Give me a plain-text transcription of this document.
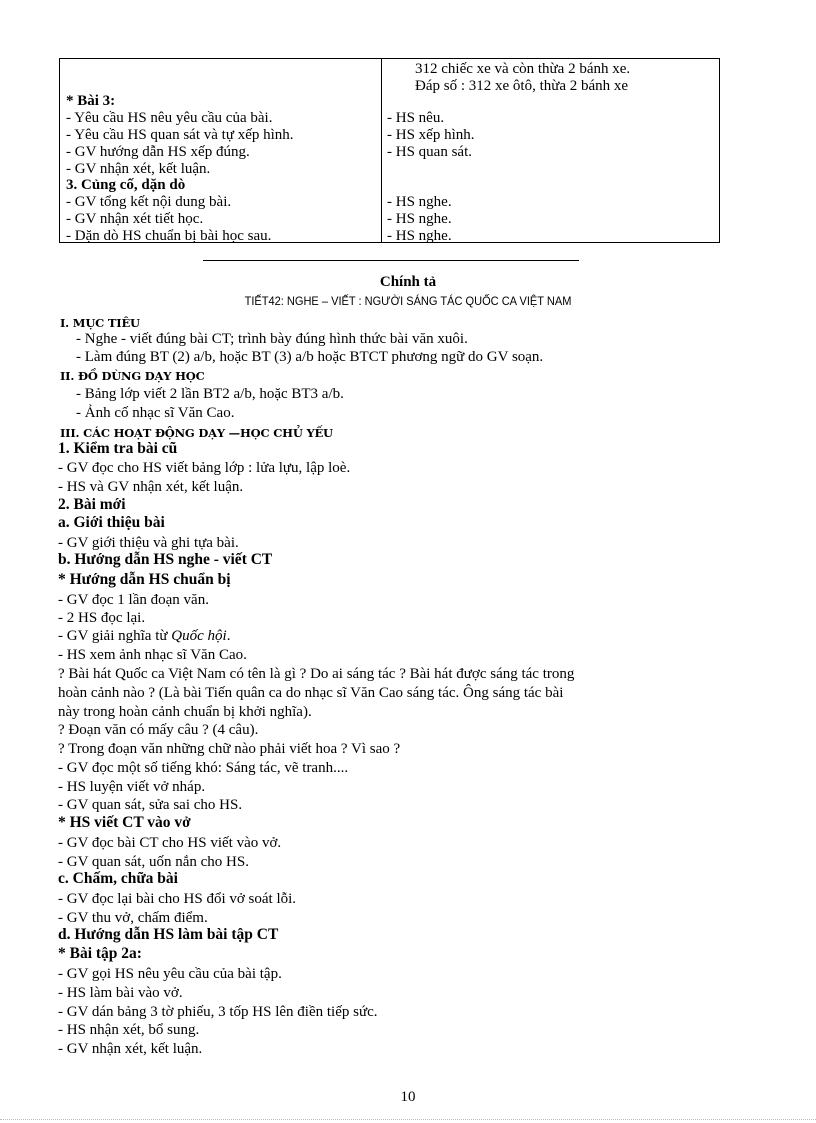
* Bài 3:
- Yêu cầu HS nêu yêu cầu của bài.
- Yêu cầu HS quan sát và tự xếp hình.
- GV hướng dẫn HS xếp đúng.
- GV nhận xét, kết luận.
3. Củng cố, dặn dò
- GV tổng kết nội dung bài.
- GV nhận xét tiết học.
- Dặn dò HS chuẩn bị bài học sau.
312 chiếc xe và còn thừa 2 bánh xe.
Đáp số : 312 xe ôtô, thừa 2 bánh xe
- HS nêu.
- HS xếp hình.
- HS quan sát.
- HS nghe.
- HS nghe.
- HS nghe.
Chính tả
TIẾT42: NGHE – VIẾT : NGƯỜI SÁNG TÁC QUỐC CA VIỆT NAM
I. MỤC TIÊU
- Nghe - viết đúng bài CT; trình bày đúng hình thức bài văn xuôi.
- Làm đúng BT (2) a/b, hoặc BT (3) a/b hoặc BTCT phương ngữ do GV soạn.
II. ĐỒ DÙNG DẠY HỌC
- Bảng lớp viết 2 lần BT2 a/b, hoặc BT3 a/b.
- Ảnh cố nhạc sĩ Văn Cao.
III. CÁC HOẠT ĐỘNG DẠY —HỌC CHỦ YẾU
1. Kiểm tra bài cũ
- GV đọc cho HS viết bảng lớp : lửa lựu, lập loè.
- HS và GV nhận xét, kết luận.
2. Bài mới
a. Giới thiệu bài
- GV giới thiệu và ghi tựa bài.
b. Hướng dẫn HS nghe - viết CT
* Hướng dẫn HS chuẩn bị
- GV đọc 1 lần đoạn văn.
- 2 HS đọc lại.
- GV giải nghĩa từ Quốc hội.
- HS xem ảnh nhạc sĩ Văn Cao.
? Bài hát Quốc ca Việt Nam có tên là gì ? Do ai sáng tác ? Bài hát được sáng tác trong
hoàn cảnh nào ? (Là bài Tiến quân ca do nhạc sĩ Văn Cao sáng tác. Ông sáng tác bài
này trong hoàn cảnh chuẩn bị khởi nghĩa).
? Đoạn văn có mấy câu ? (4 câu).
? Trong đoạn văn những chữ nào phải viết hoa ? Vì sao ?
- GV đọc một số tiếng khó: Sáng tác, vẽ tranh....
- HS luyện viết vở nháp.
- GV quan sát, sửa sai cho HS.
* HS viết CT vào vở
- GV đọc bài CT cho HS viết vào vở.
- GV quan sát, uốn nắn cho HS.
c. Chấm, chữa bài
- GV đọc lại bài cho HS đổi vở soát lỗi.
- GV thu vở, chấm điểm.
d. Hướng dẫn HS làm bài tập CT
* Bài tập 2a:
- GV gọi HS nêu yêu cầu của bài tập.
- HS làm bài vào vở.
- GV dán bảng 3 tờ phiếu, 3 tốp HS lên điền tiếp sức.
- HS nhận xét, bổ sung.
- GV nhận xét, kết luận.
10
